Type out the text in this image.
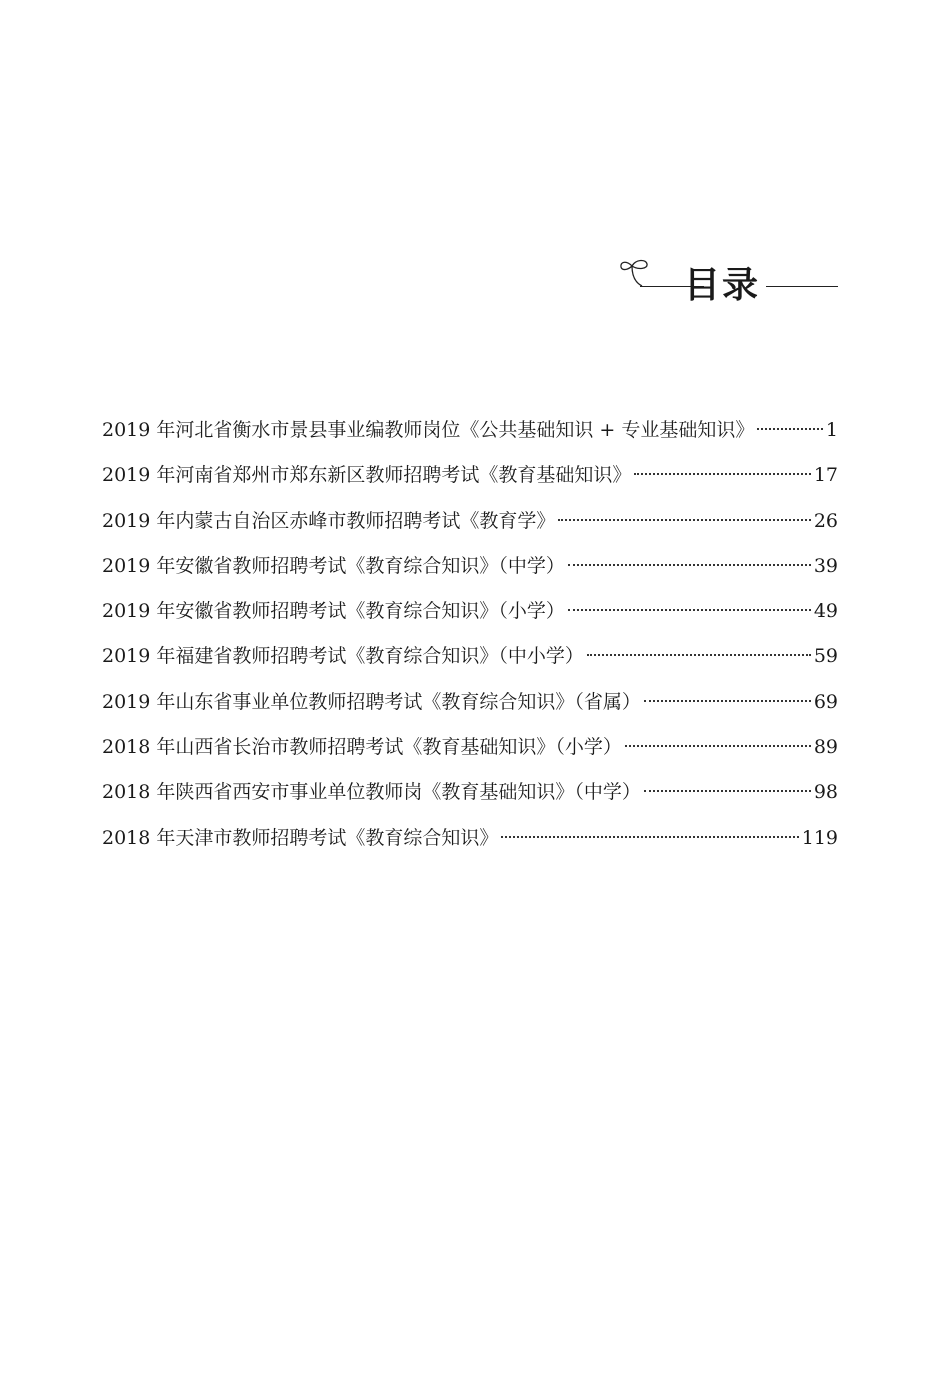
目录
2019 年河北省衡水市景县事业编教师岗位《公共基础知识 + 专业基础知识》	1
2019 年河南省郑州市郑东新区教师招聘考试《教育基础知识》	17
2019 年内蒙古自治区赤峰市教师招聘考试《教育学》	26
2019 年安徽省教师招聘考试《教育综合知识》（中学）	39
2019 年安徽省教师招聘考试《教育综合知识》（小学）	49
2019 年福建省教师招聘考试《教育综合知识》（中小学）	59
2019 年山东省事业单位教师招聘考试《教育综合知识》（省属）	69
2018 年山西省长治市教师招聘考试《教育基础知识》（小学）	89
2018 年陕西省西安市事业单位教师岗《教育基础知识》（中学）	98
2018 年天津市教师招聘考试《教育综合知识》	119
